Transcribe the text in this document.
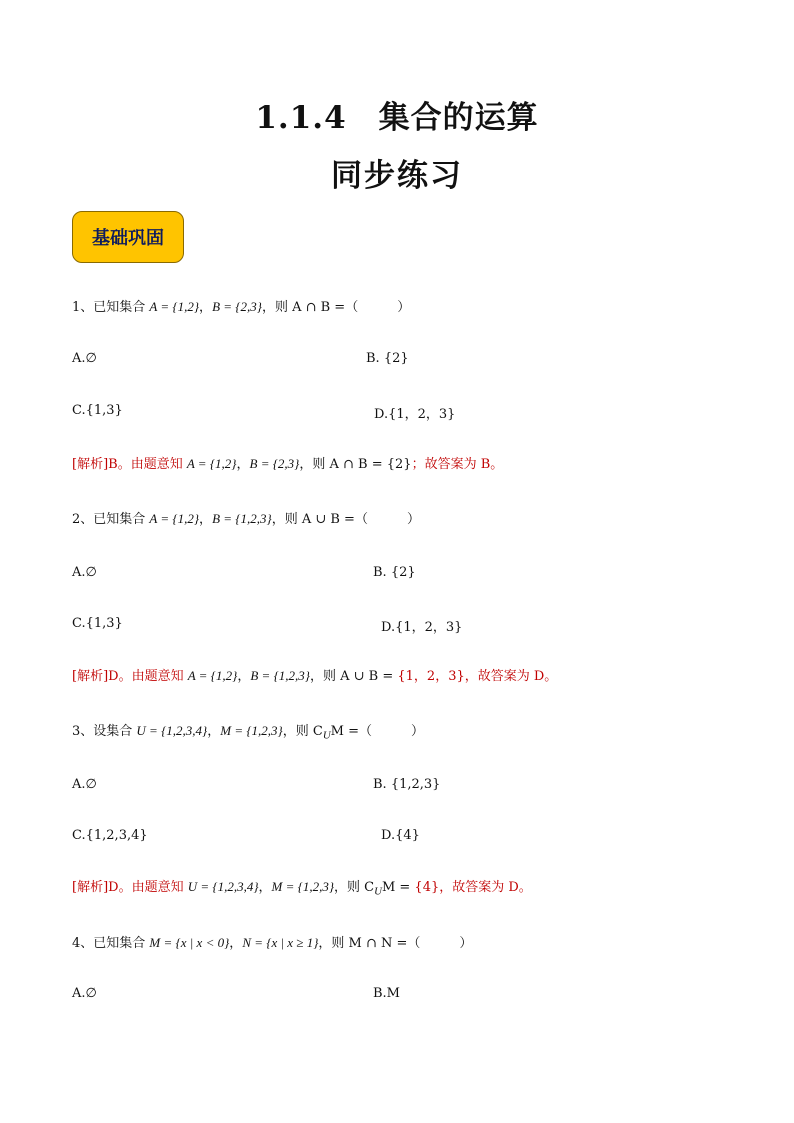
1.1.4　集合的运算
同步练习
基础巩固
1、已知集合 A = {1,2}，B = {2,3}，则 A ∩ B =（　　　）
A.∅	B. {2}
C.{1,3}	D.{1，2，3}
[解析]B。由题意知 A = {1,2}，B = {2,3}，则 A ∩ B = {2}；故答案为 B。
2、已知集合 A = {1,2}，B = {1,2,3}，则 A ∪ B =（　　　）
A.∅	B. {2}
C.{1,3}	D.{1，2，3}
[解析]D。由题意知 A = {1,2}，B = {1,2,3}，则 A ∪ B = {1，2，3}，故答案为 D。
3、设集合 U = {1,2,3,4}，M = {1,2,3}，则 $C_UM$ =（　　　）
A.∅	B. {1,2,3}
C.{1,2,3,4}	D.{4}
[解析]D。由题意知 U = {1,2,3,4}，M = {1,2,3}，则 $C_UM = \{4\}$，故答案为 D。
4、已知集合 M = {x | x < 0}，N = {x | x ≥ 1}，则 M ∩ N =（　　　）
A.∅	B.M
